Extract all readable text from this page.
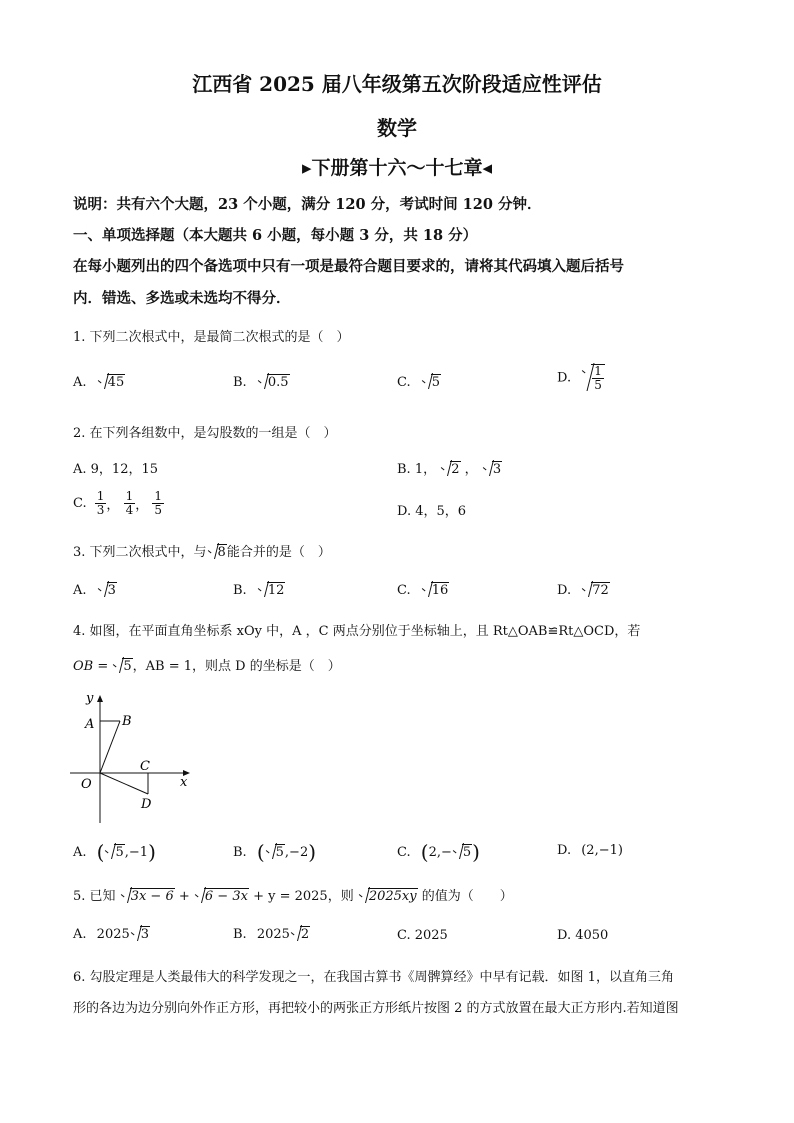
江西省 2025 届八年级第五次阶段适应性评估
数学
▸下册第十六～十七章◂
说明：共有六个大题，23 个小题，满分 120 分，考试时间 120 分钟．
一、单项选择题（本大题共 6 小题，每小题 3 分，共 18 分）
在每小题列出的四个备选项中只有一项是最符合题目要求的，请将其代码填入题后括号
内．错选、多选或未选均不得分．
1. 下列二次根式中，是最简二次根式的是（　）
A. 45	B. 0.5	C. 5	D. $\frac{1}{5}$
2. 在下列各组数中，是勾股数的一组是（　）
A. 9，12，15	B. 1， 2 ， 3
C. $\frac{1}{3}$ ， $\frac{1}{4}$ ， $\frac{1}{5}$	D. 4，5，6
3. 下列二次根式中，与 8能合并的是（　）
A. 3	B. 12	C. 16	D. 72
4. 如图，在平面直角坐标系 xOy 中，A ，C 两点分别位于坐标轴上，且 Rt△OAB≌Rt△OCD，若
OB = 5，AB = 1，则点 D 的坐标是（　）
y
x
A B
C
O
D
A. ( 5,−1)	B. ( 5,−2)	C. (2,− 5)	D. (2,−1)
5. 已知 3x − 6 + 6 − 3x + y = 2025，则 2025xy 的值为（　　）
A. 2025 3	B. 2025 2	C. 2025	D. 4050
6. 勾股定理是人类最伟大的科学发现之一，在我国古算书《周髀算经》中早有记载．如图 1，以直角三角
形的各边为边分别向外作正方形，再把较小的两张正方形纸片按图 2 的方式放置在最大正方形内.若知道图
